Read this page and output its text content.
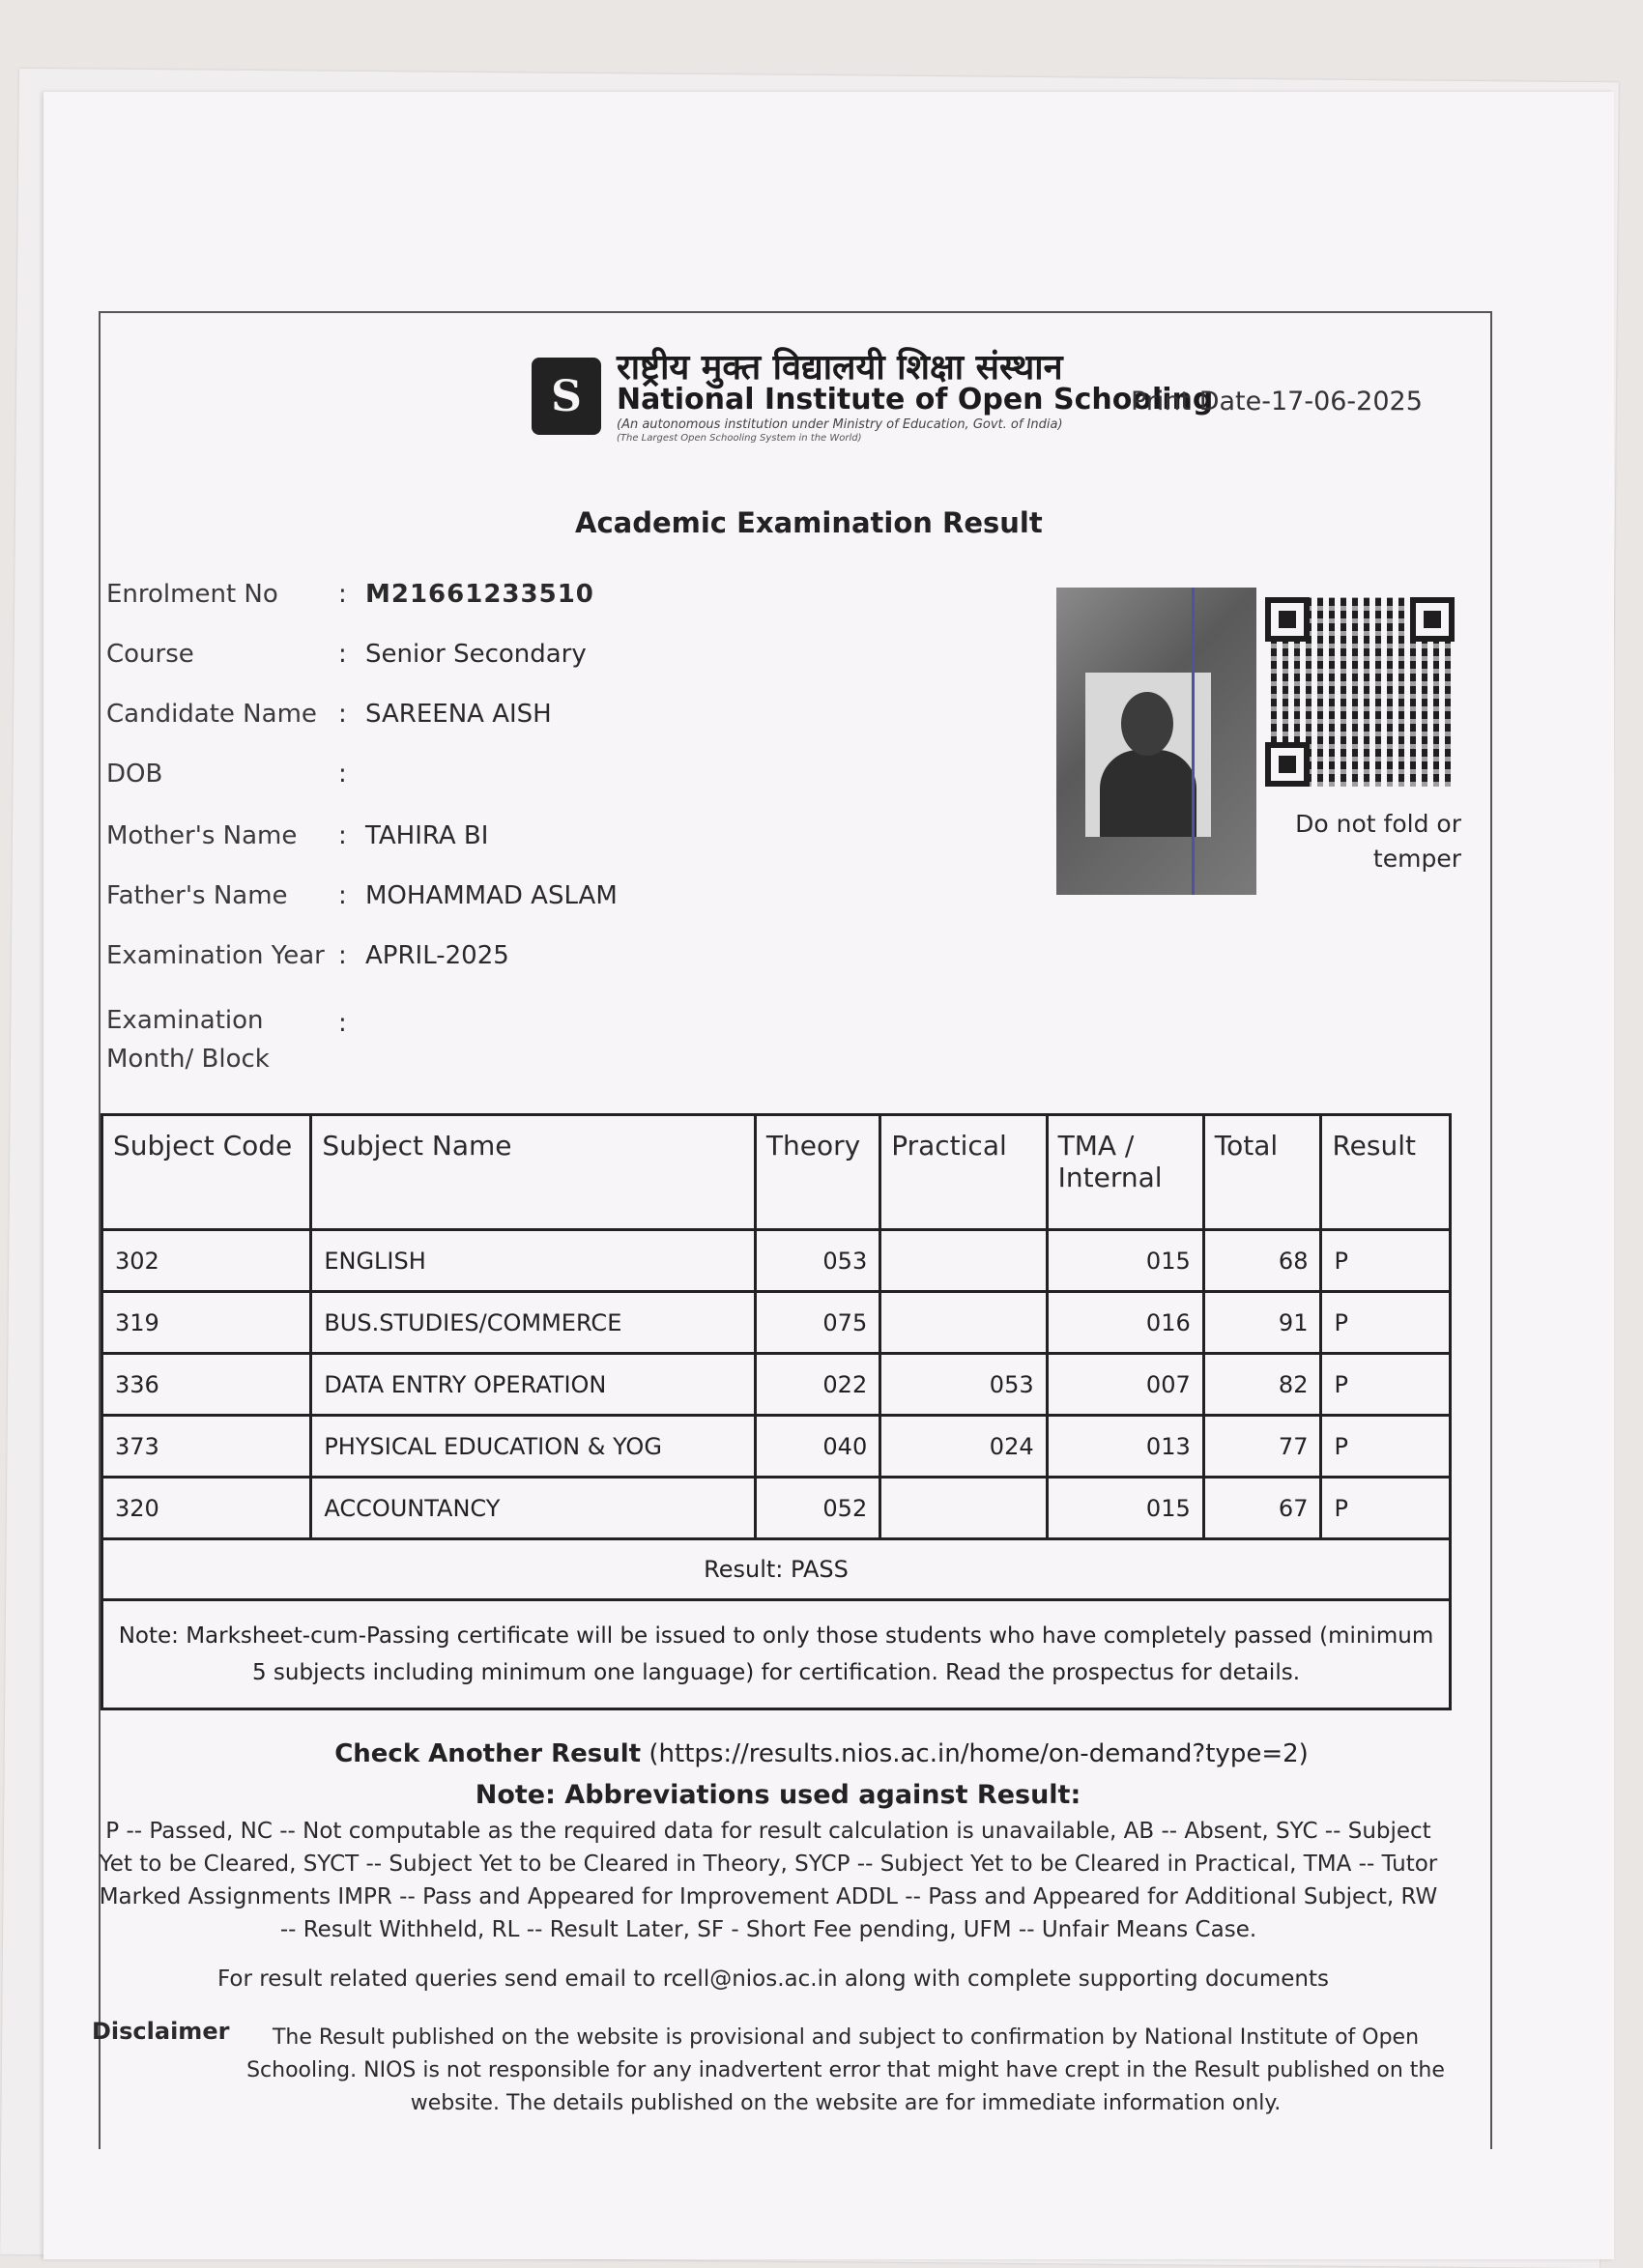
S
राष्ट्रीय मुक्त विद्यालयी शिक्षा संस्थान
National Institute of Open Schooling
Print Date-17-06-2025
(An autonomous institution under Ministry of Education, Govt. of India)
(The Largest Open Schooling System in the World)
Academic Examination Result
Enrolment No	: M21661233510
Course	: Senior Secondary
Candidate Name : SAREENA AISH
DOB	:
Mother's Name	: TAHIRA BI
Father's Name	: MOHAMMAD ASLAM
Examination Year : APRIL-2025
Examination Month/ Block
:
Do not fold or temper
Subject Code	Subject Name	Theory	Practical	TMA / Internal	Total	Result
302	ENGLISH	053		015	68	P
319	BUS.STUDIES/COMMERCE	075		016	91	P
336	DATA ENTRY OPERATION	022	053	007	82	P
373	PHYSICAL EDUCATION & YOG	040	024	013	77	P
320	ACCOUNTANCY	052		015	67	P
Result: PASS						
Note: Marksheet-cum-Passing certificate will be issued to only those students who have completely passed (minimum 5 subjects including minimum one language) for certification. Read the prospectus for details.						
Check Another Result (https://results.nios.ac.in/home/on-demand?type=2)
Note: Abbreviations used against Result:
P -- Passed, NC -- Not computable as the required data for result calculation is unavailable, AB -- Absent, SYC -- Subject Yet to be Cleared, SYCT -- Subject Yet to be Cleared in Theory, SYCP -- Subject Yet to be Cleared in Practical, TMA -- Tutor Marked Assignments IMPR -- Pass and Appeared for Improvement ADDL -- Pass and Appeared for Additional Subject, RW -- Result Withheld, RL -- Result Later, SF - Short Fee pending, UFM -- Unfair Means Case.
For result related queries send email to rcell@nios.ac.in along with complete supporting documents
Disclaimer	The Result published on the website is provisional and subject to confirmation by National Institute of Open Schooling. NIOS is not responsible for any inadvertent error that might have crept in the Result published on the website. The details published on the website are for immediate information only.
